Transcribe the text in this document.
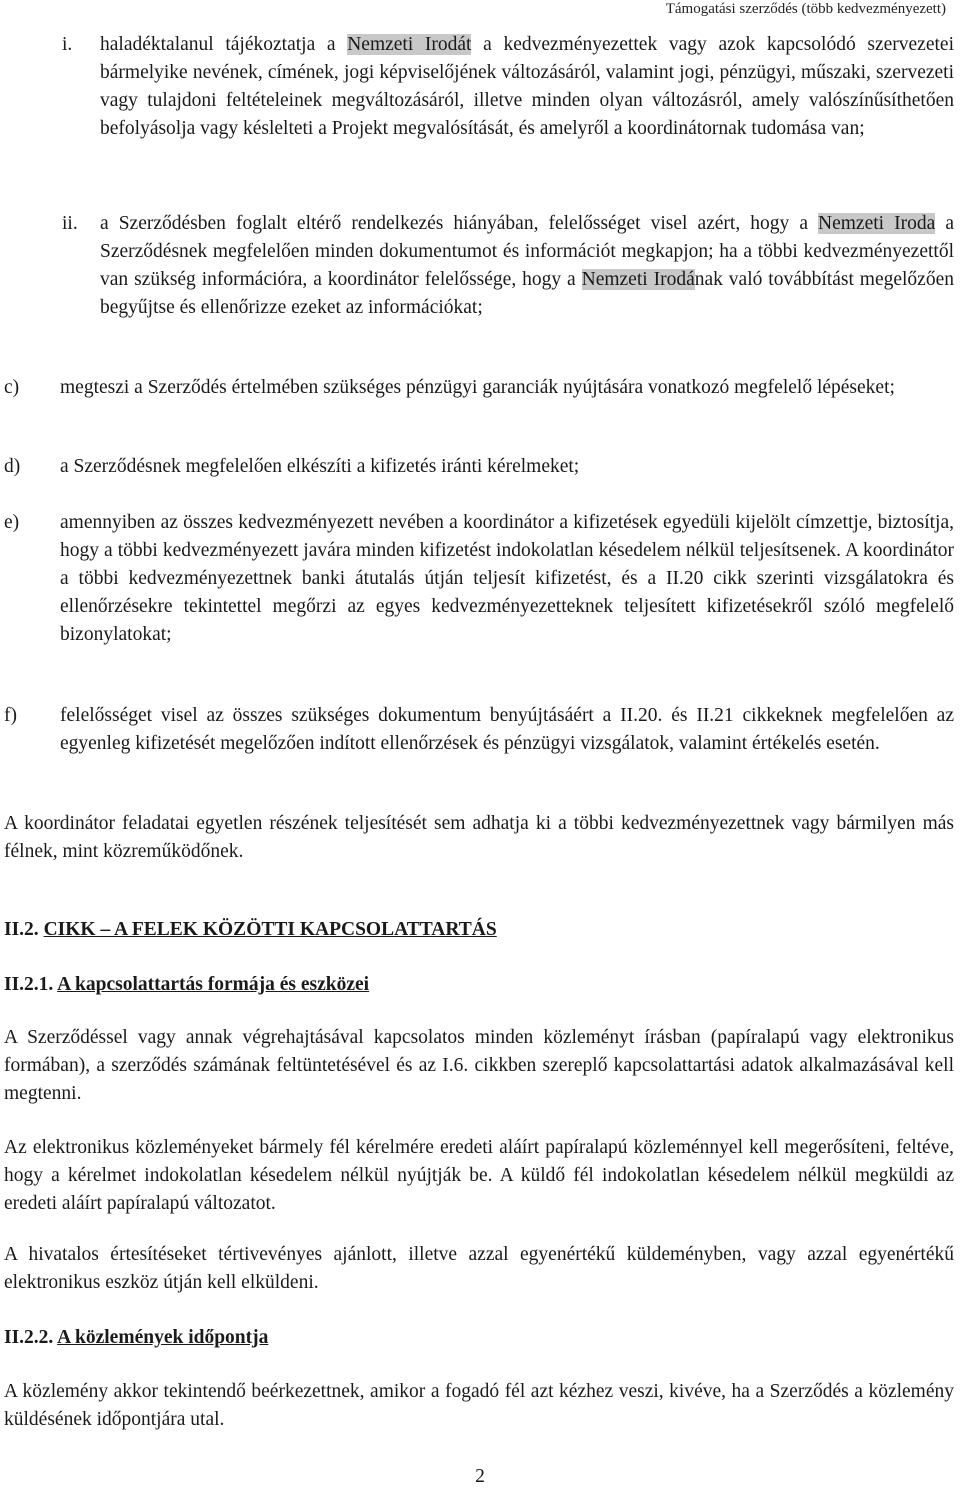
Támogatási szerződés (több kedvezményezett)
i. haladéktalanul tájékoztatja a Nemzeti Irodát a kedvezményezettek vagy azok kapcsolódó szervezetei bármelyike nevének, címének, jogi képviselőjének változásáról, valamint jogi, pénzügyi, műszaki, szervezeti vagy tulajdoni feltételeinek megváltozásáról, illetve minden olyan változásról, amely valószínűsíthetően befolyásolja vagy késlelteti a Projekt megvalósítását, és amelyről a koordinátornak tudomása van;

ii. a Szerződésben foglalt eltérő rendelkezés hiányában, felelősséget visel azért, hogy a Nemzeti Iroda a Szerződésnek megfelelően minden dokumentumot és információt megkapjon; ha a többi kedvezményezettől van szükség információra, a koordinátor felelőssége, hogy a Nemzeti Irodának való továbbítást megelőzően begyűjtse és ellenőrizze ezeket az információkat;

c) megteszi a Szerződés értelmében szükséges pénzügyi garanciák nyújtására vonatkozó megfelelő lépéseket;

d) a Szerződésnek megfelelően elkészíti a kifizetés iránti kérelmeket;

e) amennyiben az összes kedvezményezett nevében a koordinátor a kifizetések egyedüli kijelölt címzettje, biztosítja, hogy a többi kedvezményezett javára minden kifizetést indokolatlan késedelem nélkül teljesítsenek. A koordinátor a többi kedvezményezettnek banki átutalás útján teljesít kifizetést, és a II.20 cikk szerinti vizsgálatokra és ellenőrzésekre tekintettel megőrzi az egyes kedvezményezetteknek teljesített kifizetésekről szóló megfelelő bizonylatokat;

f) felelősséget visel az összes szükséges dokumentum benyújtásáért a II.20. és II.21 cikkeknek megfelelően az egyenleg kifizetését megelőzően indított ellenőrzések és pénzügyi vizsgálatok, valamint értékelés esetén.

A koordinátor feladatai egyetlen részének teljesítését sem adhatja ki a többi kedvezményezettnek vagy bármilyen más félnek, mint közreműködőnek.

II.2. CIKK – A FELEK KÖZÖTTI KAPCSOLATTARTÁS

II.2.1. A kapcsolattartás formája és eszközei

A Szerződéssel vagy annak végrehajtásával kapcsolatos minden közleményt írásban (papíralapú vagy elektronikus formában), a szerződés számának feltüntetésével és az I.6. cikkben szereplő kapcsolattartási adatok alkalmazásával kell megtenni.

Az elektronikus közleményeket bármely fél kérelmére eredeti aláírt papíralapú közleménnyel kell megerősíteni, feltéve, hogy a kérelmet indokolatlan késedelem nélkül nyújtják be. A küldő fél indokolatlan késedelem nélkül megküldi az eredeti aláírt papíralapú változatot.

A hivatalos értesítéseket tértivevényes ajánlott, illetve azzal egyenértékű küldeményben, vagy azzal egyenértékű elektronikus eszköz útján kell elküldeni.

II.2.2. A közlemények időpontja

A közlemény akkor tekintendő beérkezettnek, amikor a fogadó fél azt kézhez veszi, kivéve, ha a Szerződés a közlemény küldésének időpontjára utal.

2
